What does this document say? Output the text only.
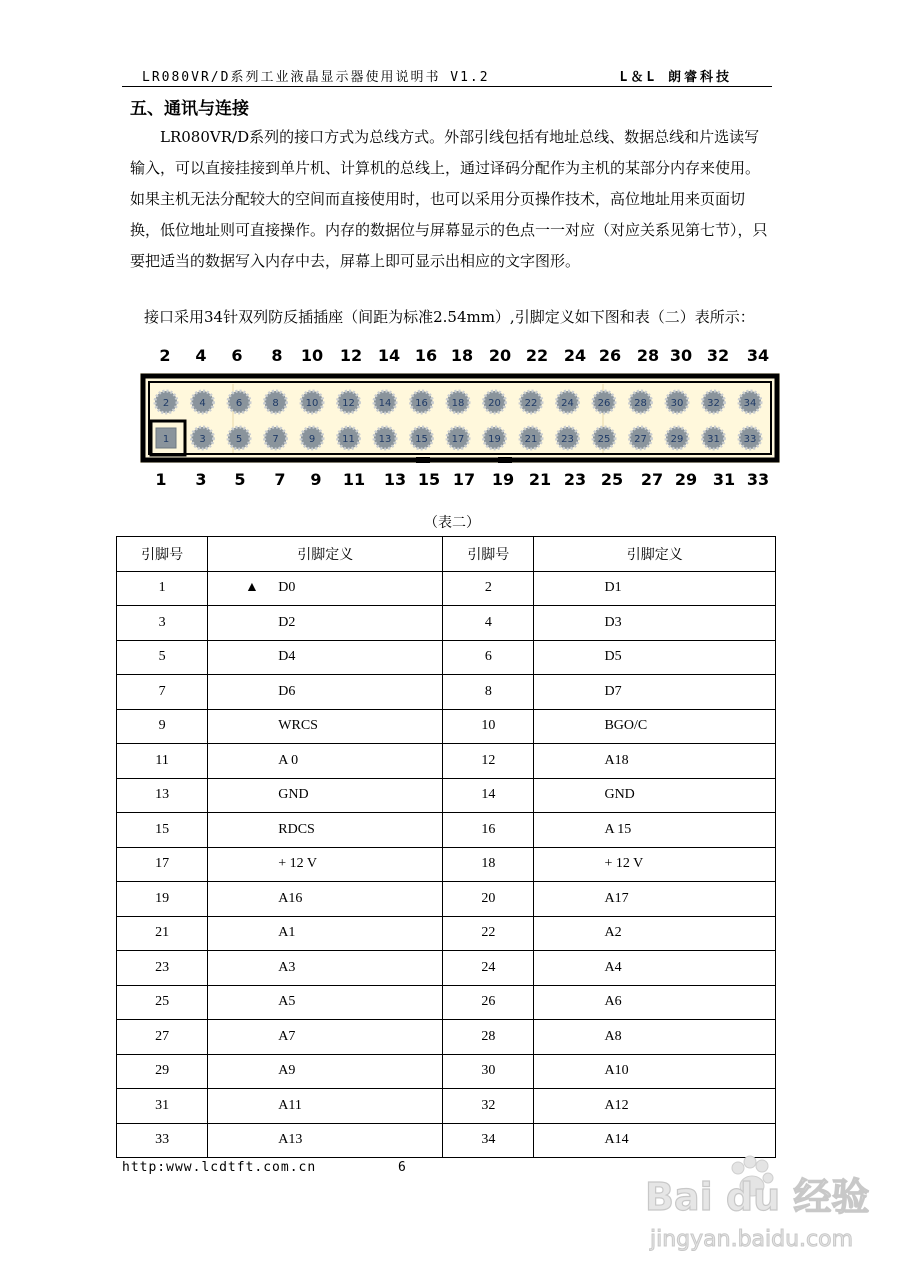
LR080VR/D系列工业液晶显示器使用说明书 V1.2	L＆L 朗睿科技
五、通讯与连接

LR080VR/D系列的接口方式为总线方式。外部引线包括有地址总线、数据总线和片选读写输入，可以直接挂接到单片机、计算机的总线上，通过译码分配作为主机的某部分内存来使用。如果主机无法分配较大的空间而直接使用时，也可以采用分页操作技术，高位地址用来页面切换，低位地址则可直接操作。内存的数据位与屏幕显示的色点一一对应（对应关系见第七节），只要把适当的数据写入内存中去，屏幕上即可显示出相应的文字图形。

接口采用34针双列防反插插座（间距为标准2.54mm）,引脚定义如下图和表（二）表所示：
2 4 6 8 10 12 14 16 18 20 22 24 26 28 30 32 34
2	4	6	8	10 12 14 16 18 20 22 24 26 28 30 32 34
1	3	5	7	9	11 13 15 17 19 21 23 25 27 29 31 33
1 3 5 7 9 11 13 15 17 19 21 23 25 27 29 31 33
（表二）
引脚号	引脚定义	引脚号	引脚定义
1 ▲	D0	2	D1
3	D2	4	D3
5	D4	6	D5
7	D6	8	D7
9	WRCS	10	BGO/C
11	A 0	12	A18
13	GND	14	GND
15	RDCS	16	A 15
17	+ 12 V	18	+ 12 V
19	A16	20	A17
21	A1	22	A2
23	A3	24	A4
25	A5	26	A6
27	A7	28	A8
29	A9	30	A10
31	A11	32	A12
33	A13	34	A14
http:www.lcdtft.com.cn	6
Bai du 经验
jingyan.baidu.com
